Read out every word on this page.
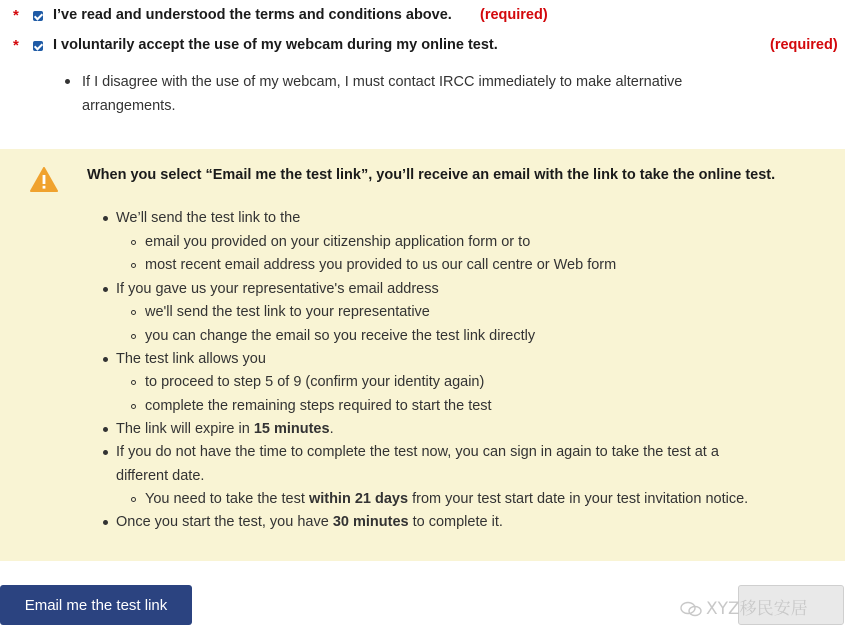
* I’ve read and understood the terms and conditions above. (required)
* I voluntarily accept the use of my webcam during my online test.	(required)
If I disagree with the use of my webcam, I must contact IRCC immediately to make alternative arrangements.
When you select “Email me the test link”, you’ll receive an email with the link to take the online test.
We’ll send the test link to the
email you provided on your citizenship application form or to
most recent email address you provided to us our call centre or Web form
If you gave us your representative's email address
we'll send the test link to your representative
you can change the email so you receive the test link directly
The test link allows you
to proceed to step 5 of 9 (confirm your identity again)
complete the remaining steps required to start the test
The link will expire in 15 minutes.
If you do not have the time to complete the test now, you can sign in again to take the test at a
different date.
You need to take the test within 21 days from your test start date in your test invitation notice.
Once you start the test, you have 30 minutes to complete it.
Email me the test link	XYZ移民安居
